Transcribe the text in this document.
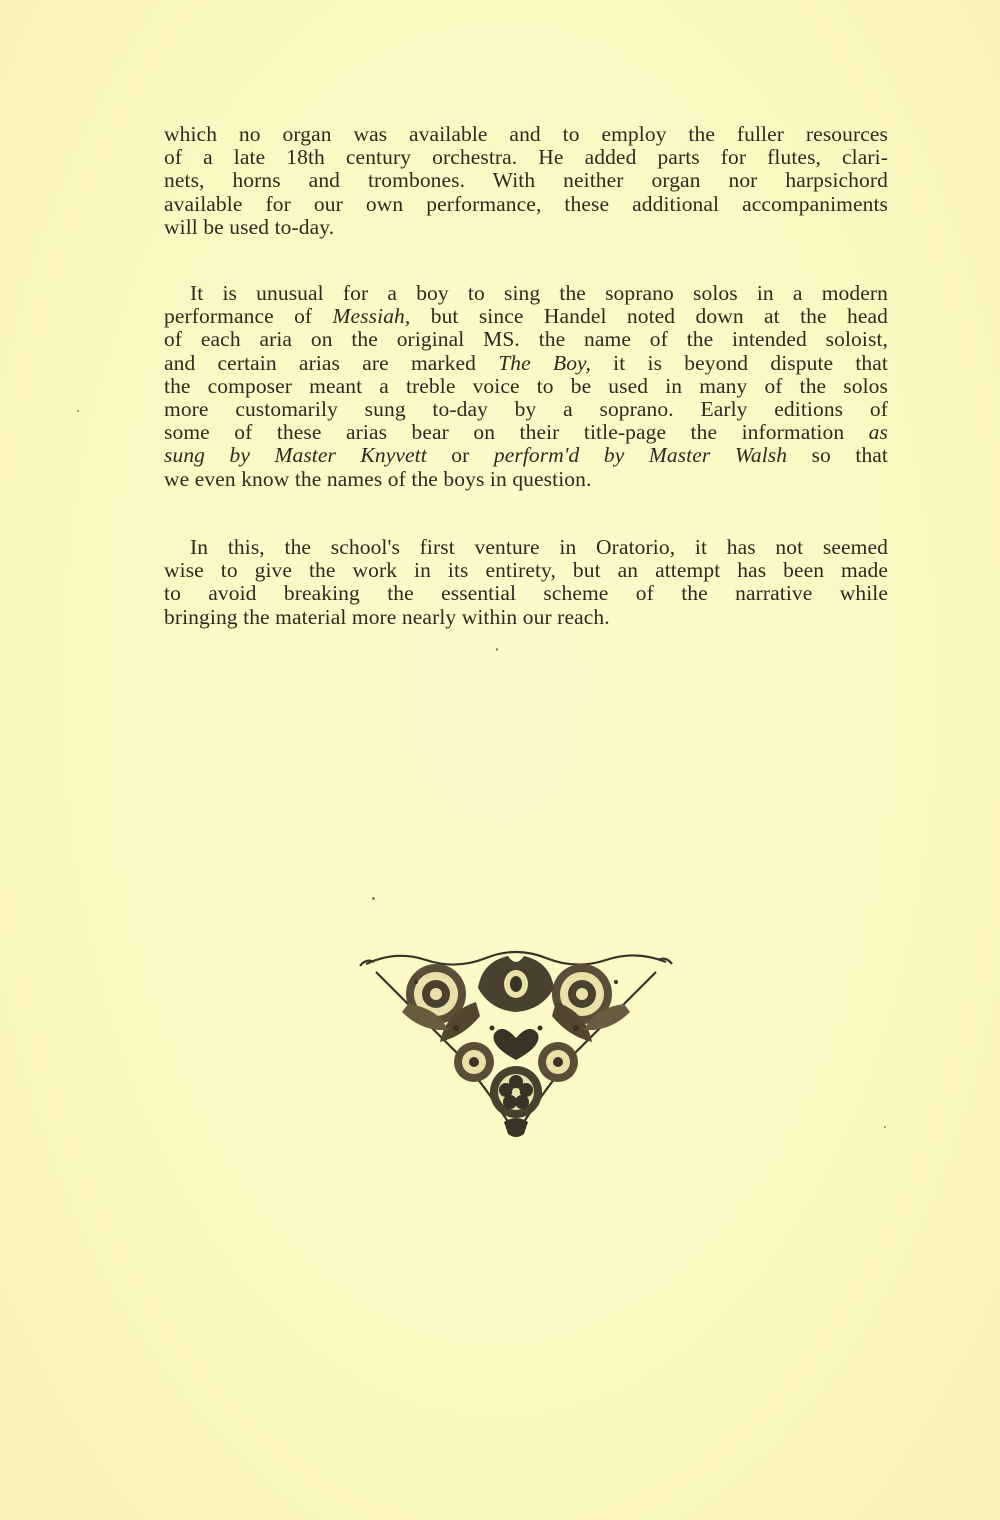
which no organ was available and to employ the fuller resources
of a late 18th century orchestra. He added parts for flutes, clari-
nets, horns and trombones. With neither organ nor harpsichord
available for our own performance, these additional accompaniments
will be used to-day.

It is unusual for a boy to sing the soprano solos in a modern
performance of Messiah, but since Handel noted down at the head
of each aria on the original MS. the name of the intended soloist,
and certain arias are marked The Boy, it is beyond dispute that
the composer meant a treble voice to be used in many of the solos
more customarily sung to-day by a soprano. Early editions of
some of these arias bear on their title-page the information as
sung by Master Knyvett or perform'd by Master Walsh so that
we even know the names of the boys in question.

In this, the school's first venture in Oratorio, it has not seemed
wise to give the work in its entirety, but an attempt has been made
to avoid breaking the essential scheme of the narrative while
bringing the material more nearly within our reach.
